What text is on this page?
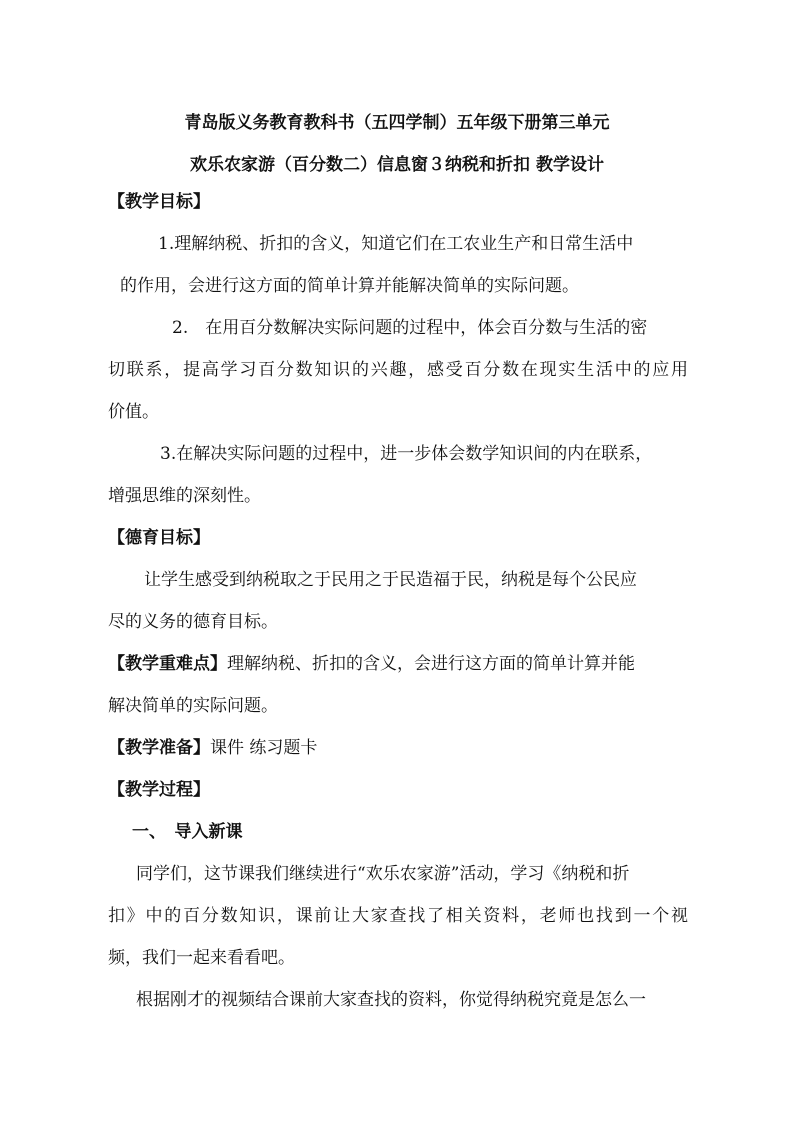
青岛版义务教育教科书（五四学制）五年级下册第三单元
欢乐农家游（百分数二）信息窗３纳税和折扣 教学设计
【教学目标】
1.理解纳税、折扣的含义，知道它们在工农业生产和日常生活中
的作用，会进行这方面的简单计算并能解决简单的实际问题。
2.　在用百分数解决实际问题的过程中，体会百分数与生活的密
切联系，提高学习百分数知识的兴趣，感受百分数在现实生活中的应用
价值。
3.在解决实际问题的过程中，进一步体会数学知识间的内在联系，
增强思维的深刻性。
【德育目标】
让学生感受到纳税取之于民用之于民造福于民，纳税是每个公民应
尽的义务的德育目标。
【教学重难点】理解纳税、折扣的含义，会进行这方面的简单计算并能
解决简单的实际问题。
【教学准备】课件 练习题卡
【教学过程】
一、　导入新课
同学们，这节课我们继续进行“欢乐农家游”活动，学习《纳税和折
扣》中的百分数知识，课前让大家查找了相关资料，老师也找到一个视
频，我们一起来看看吧。
根据刚才的视频结合课前大家查找的资料，你觉得纳税究竟是怎么一
